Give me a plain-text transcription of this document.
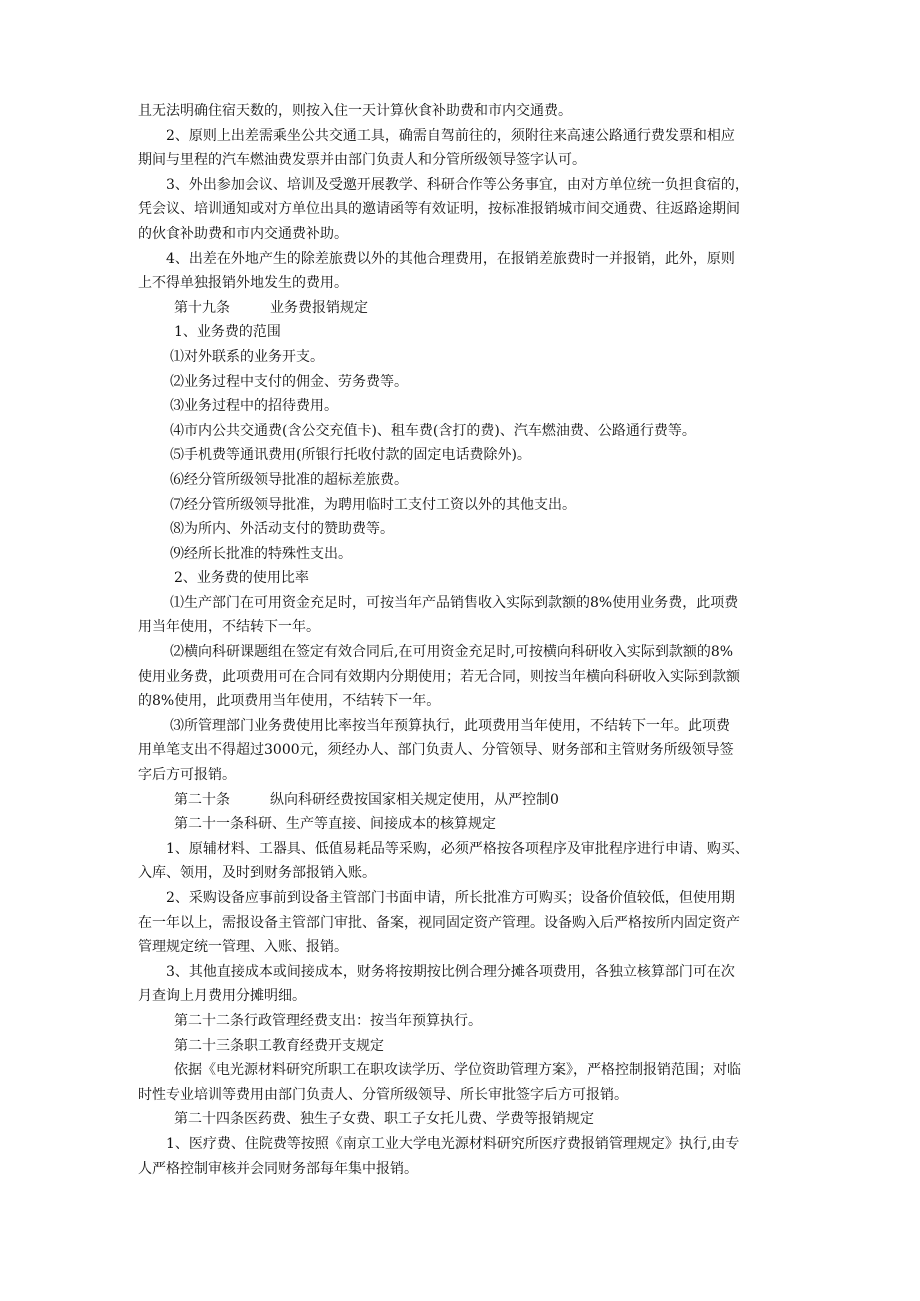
且无法明确住宿天数的，则按入住一天计算伙食补助费和市内交通费。
2、原则上出差需乘坐公共交通工具，确需自驾前往的，须附往来高速公路通行费发票和相应
期间与里程的汽车燃油费发票并由部门负责人和分管所级领导签字认可。
3、外出参加会议、培训及受邀开展教学、科研合作等公务事宜，由对方单位统一负担食宿的，
凭会议、培训通知或对方单位出具的邀请函等有效证明，按标准报销城市间交通费、往返路途期间
的伙食补助费和市内交通费补助。
4、出差在外地产生的除差旅费以外的其他合理费用，在报销差旅费时一并报销，此外，原则
上不得单独报销外地发生的费用。
第十九条	业务费报销规定
1、业务费的范围
⑴对外联系的业务开支。
⑵业务过程中支付的佣金、劳务费等。
⑶业务过程中的招待费用。
⑷市内公共交通费(含公交充值卡)、租车费(含打的费)、汽车燃油费、公路通行费等。
⑸手机费等通讯费用(所银行托收付款的固定电话费除外)。
⑹经分管所级领导批准的超标差旅费。
⑺经分管所级领导批准，为聘用临时工支付工资以外的其他支出。
⑻为所内、外活动支付的赞助费等。
⑼经所长批准的特殊性支出。
2、业务费的使用比率
⑴生产部门在可用资金充足时，可按当年产品销售收入实际到款额的8%使用业务费，此项费
用当年使用，不结转下一年。
⑵横向科研课题组在签定有效合同后,在可用资金充足时,可按横向科研收入实际到款额的8%
使用业务费，此项费用可在合同有效期内分期使用；若无合同，则按当年横向科研收入实际到款额
的8%使用，此项费用当年使用，不结转下一年。
⑶所管理部门业务费使用比率按当年预算执行，此项费用当年使用，不结转下一年。此项费
用单笔支出不得超过3000元，须经办人、部门负责人、分管领导、财务部和主管财务所级领导签
字后方可报销。
第二十条	纵向科研经费按国家相关规定使用，从严控制0
第二十一条科研、生产等直接、间接成本的核算规定
1、原辅材料、工器具、低值易耗品等采购，必须严格按各项程序及审批程序进行申请、购买、
入库、领用，及时到财务部报销入账。
2、采购设备应事前到设备主管部门书面申请，所长批准方可购买；设备价值较低，但使用期
在一年以上，需报设备主管部门审批、备案，视同固定资产管理。设备购入后严格按所内固定资产
管理规定统一管理、入账、报销。
3、其他直接成本或间接成本，财务将按期按比例合理分摊各项费用，各独立核算部门可在次
月查询上月费用分摊明细。
第二十二条行政管理经费支出：按当年预算执行。
第二十三条职工教育经费开支规定
依据《电光源材料研究所职工在职攻读学历、学位资助管理方案》，严格控制报销范围；对临
时性专业培训等费用由部门负责人、分管所级领导、所长审批签字后方可报销。
第二十四条医药费、独生子女费、职工子女托儿费、学费等报销规定
1、医疗费、住院费等按照《南京工业大学电光源材料研究所医疗费报销管理规定》执行,由专
人严格控制审核并会同财务部每年集中报销。
